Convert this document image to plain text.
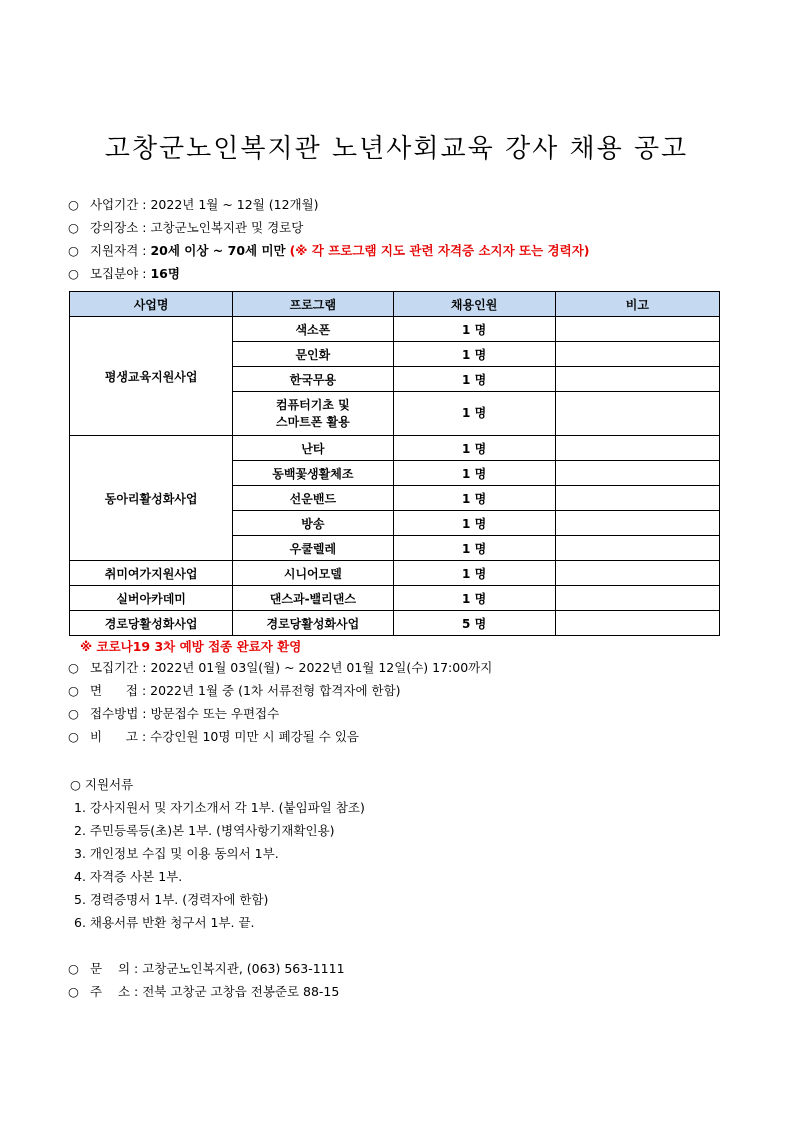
고창군노인복지관 노년사회교육 강사 채용 공고
○ 사업기간 : 2022년 1월 ~ 12월 (12개월)
○ 강의장소 : 고창군노인복지관 및 경로당
○ 지원자격 : 20세 이상 ~ 70세 미만 (※ 각 프로그램 지도 관련 자격증 소지자 또는 경력자)
○ 모집분야 : 16명
사업명	프로그램	채용인원	비고
평생교육지원사업	색소폰	1 명	
	문인화	1 명	
	한국무용	1 명	
	컴퓨터기초 및
스마트폰 활용	1 명	
동아리활성화사업	난타	1 명	
	동백꽃생활체조	1 명	
	선운밴드	1 명	
	방송	1 명	
	우쿨렐레	1 명	
취미여가지원사업	시니어모델	1 명	
실버아카데미	댄스과-밸리댄스	1 명	
경로당활성화사업	경로당활성화사업	5 명	
※ 코로나19 3차 예방 접종 완료자 환영
○ 모집기간 : 2022년 01월 03일(월) ~ 2022년 01월 12일(수) 17:00까지
○ 면      접 : 2022년 1월 중 (1차 서류전형 합격자에 한함)
○ 접수방법 : 방문접수 또는 우편접수
○ 비      고 : 수강인원 10명 미만 시 폐강될 수 있음
○ 지원서류
1. 강사지원서 및 자기소개서 각 1부. (붙임파일 참조)
2. 주민등록등(초)본 1부. (병역사항기재확인용)
3. 개인정보 수집 및 이용 동의서 1부.
4. 자격증 사본 1부.
5. 경력증명서 1부. (경력자에 한함)
6. 채용서류 반환 청구서 1부. 끝.
○ 문    의 : 고창군노인복지관, (063) 563-1111
○ 주    소 : 전북 고창군 고창읍 전봉준로 88-15
